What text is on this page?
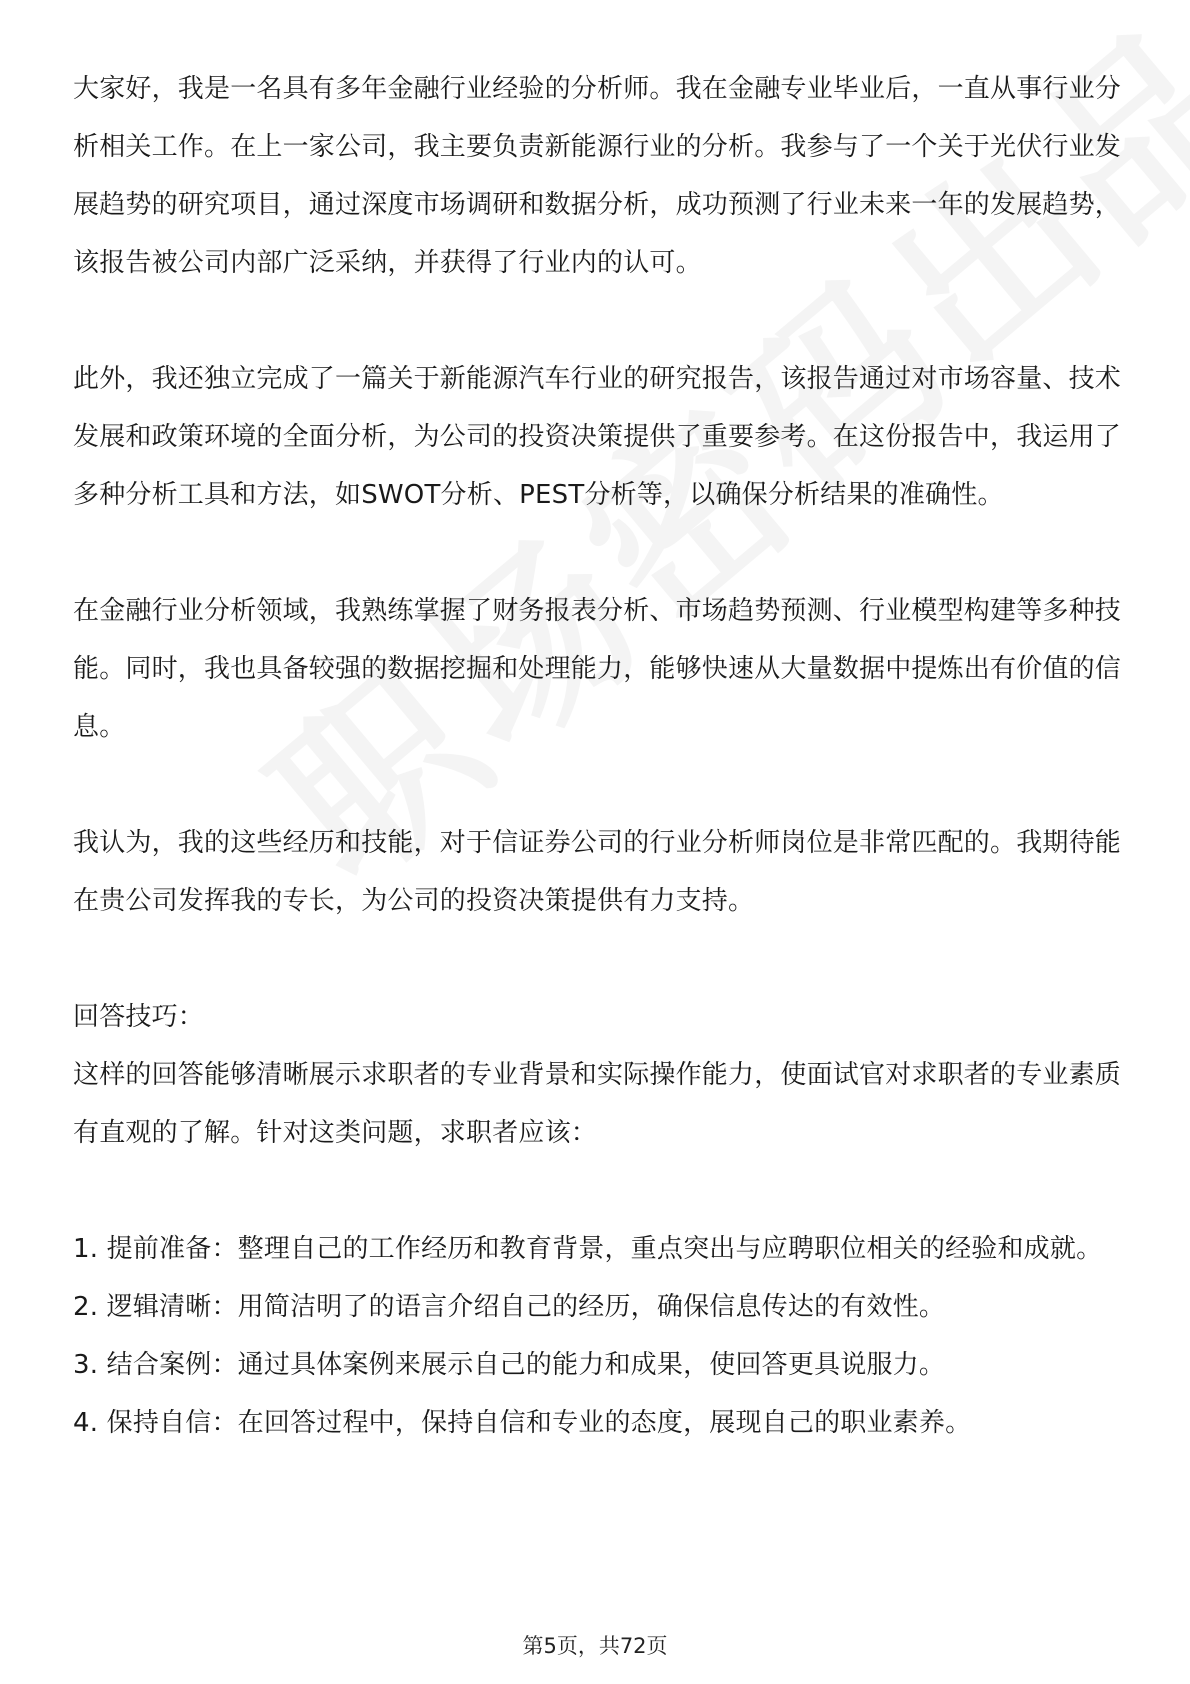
大家好，我是一名具有多年金融行业经验的分析师。我在金融专业毕业后，一直从事行业分析相关工作。在上一家公司，我主要负责新能源行业的分析。我参与了一个关于光伏行业发展趋势的研究项目，通过深度市场调研和数据分析，成功预测了行业未来一年的发展趋势，该报告被公司内部广泛采纳，并获得了行业内的认可。

此外，我还独立完成了一篇关于新能源汽车行业的研究报告，该报告通过对市场容量、技术发展和政策环境的全面分析，为公司的投资决策提供了重要参考。在这份报告中，我运用了多种分析工具和方法，如SWOT分析、PEST分析等，以确保分析结果的准确性。

在金融行业分析领域，我熟练掌握了财务报表分析、市场趋势预测、行业模型构建等多种技能。同时，我也具备较强的数据挖掘和处理能力，能够快速从大量数据中提炼出有价值的信息。

我认为，我的这些经历和技能，对于信证券公司的行业分析师岗位是非常匹配的。我期待能在贵公司发挥我的专长，为公司的投资决策提供有力支持。

回答技巧：

这样的回答能够清晰展示求职者的专业背景和实际操作能力，使面试官对求职者的专业素质有直观的了解。针对这类问题，求职者应该：

1. 提前准备：整理自己的工作经历和教育背景，重点突出与应聘职位相关的经验和成就。
2. 逻辑清晰：用简洁明了的语言介绍自己的经历，确保信息传达的有效性。
3. 结合案例：通过具体案例来展示自己的能力和成果，使回答更具说服力。
4. 保持自信：在回答过程中，保持自信和专业的态度，展现自己的职业素养。
第5页，共72页
